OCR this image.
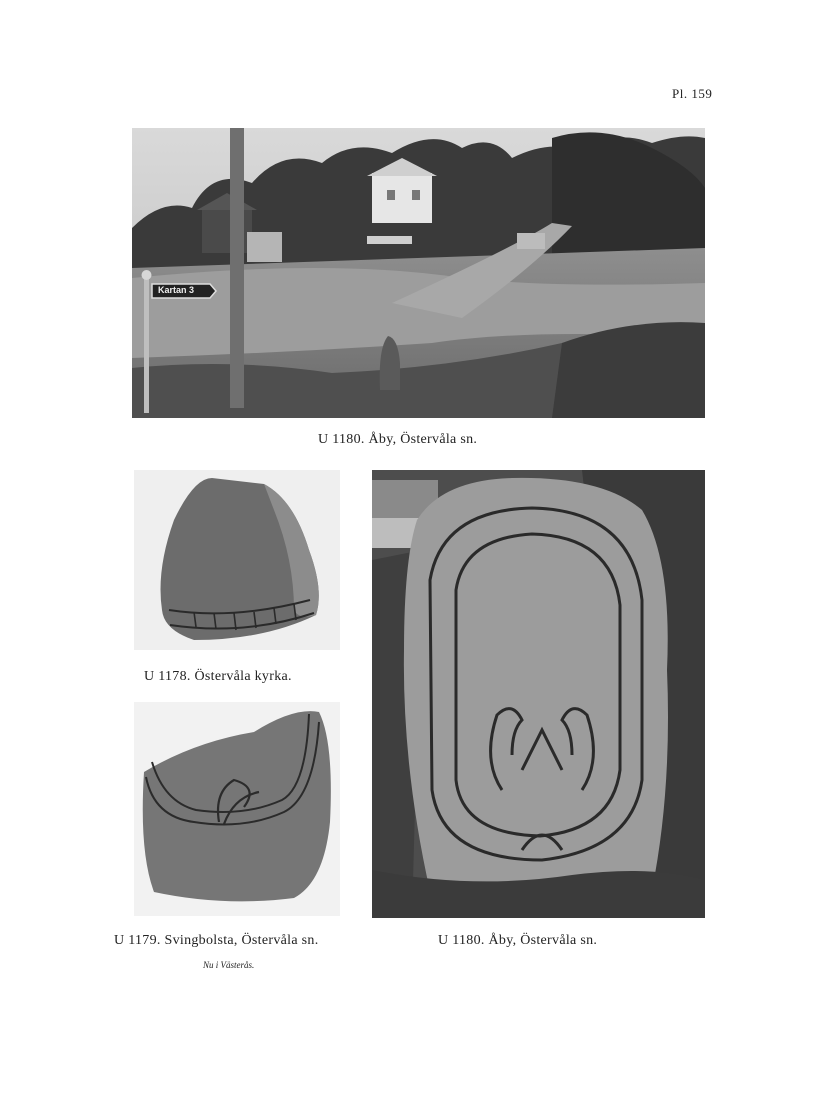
Pl. 159
Kartan 3
U 1180. Åby, Östervåla sn.
U 1178. Östervåla kyrka.
U 1179. Svingbolsta, Östervåla sn.
Nu i Västerås.
U 1180. Åby, Östervåla sn.
